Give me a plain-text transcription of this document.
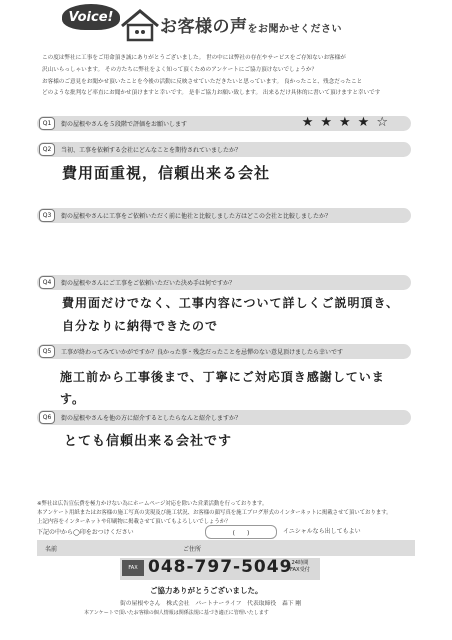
Voice!	お客様の声をお聞かせください
この度は弊社に工事をご用命頂き誠にありがとうございました。 世の中には弊社の存在やサービスをご存知ないお客様が
沢山いらっしゃいます。 その方たちに弊社をよく知って頂くためのアンケートにご協力頂けないでしょうか？
お客様のご意見をお聞かせ頂いたことを今後の活動に反映させていただきたいと思っています。 良かったこと、残念だったこと
どのような批判など率直にお聞かせ頂けますと幸いです。 是非ご協力お願い致します。 出来るだけ具体的に書いて頂けますと幸いです
Q1	街の屋根やさんを５段階で評価をお願いします	★★★★☆
Q2	当初、工事を依頼する会社にどんなことを期待されていましたか？
費用面重視，信頼出来る会社
Q3	街の屋根やさんに工事をご依頼いただく前に他社と比較しました方はどこの会社と比較しましたか？
Q4	街の屋根やさんにご工事をご依頼いただいた決め手は何ですか？
費用面だけでなく、工事内容について詳しくご説明頂き、
自分なりに納得できたので
Q5	工事が終わってみていかがですか？良かった事・残念だったことを忌憚のない意見頂けましたら幸いです
施工前から工事後まで、丁寧にご対応頂き感謝しています。
Q6	街の屋根やさんを他の方に紹介するとしたらなんと紹介しますか？
とても信頼出来る会社です
※弊社は広告宣伝費を極力かけない為にホームページ対応を除いた営業活動を行っております。
本アンケート用紙またはお客様の施工写真の実現及び施工状況、お客様の顔写真を施工ブログ形式のインターネットに掲載させて頂いております。
上記内容をインターネットや印刷物に掲載させて頂いてもよろしいでしょうか？
下記の中から◯印をおつけください	(　　)	イニシャルなら出してもよい
名前	ご住所
FAX 048-797-5049 24時間
FAX受付
ご協力ありがとうございました。
街の屋根やさん　株式会社　パートナーライフ　代表取締役　森下 剛
本アンケートで頂いたお客様の個人情報は関係法規に基づき適正に管理いたします
